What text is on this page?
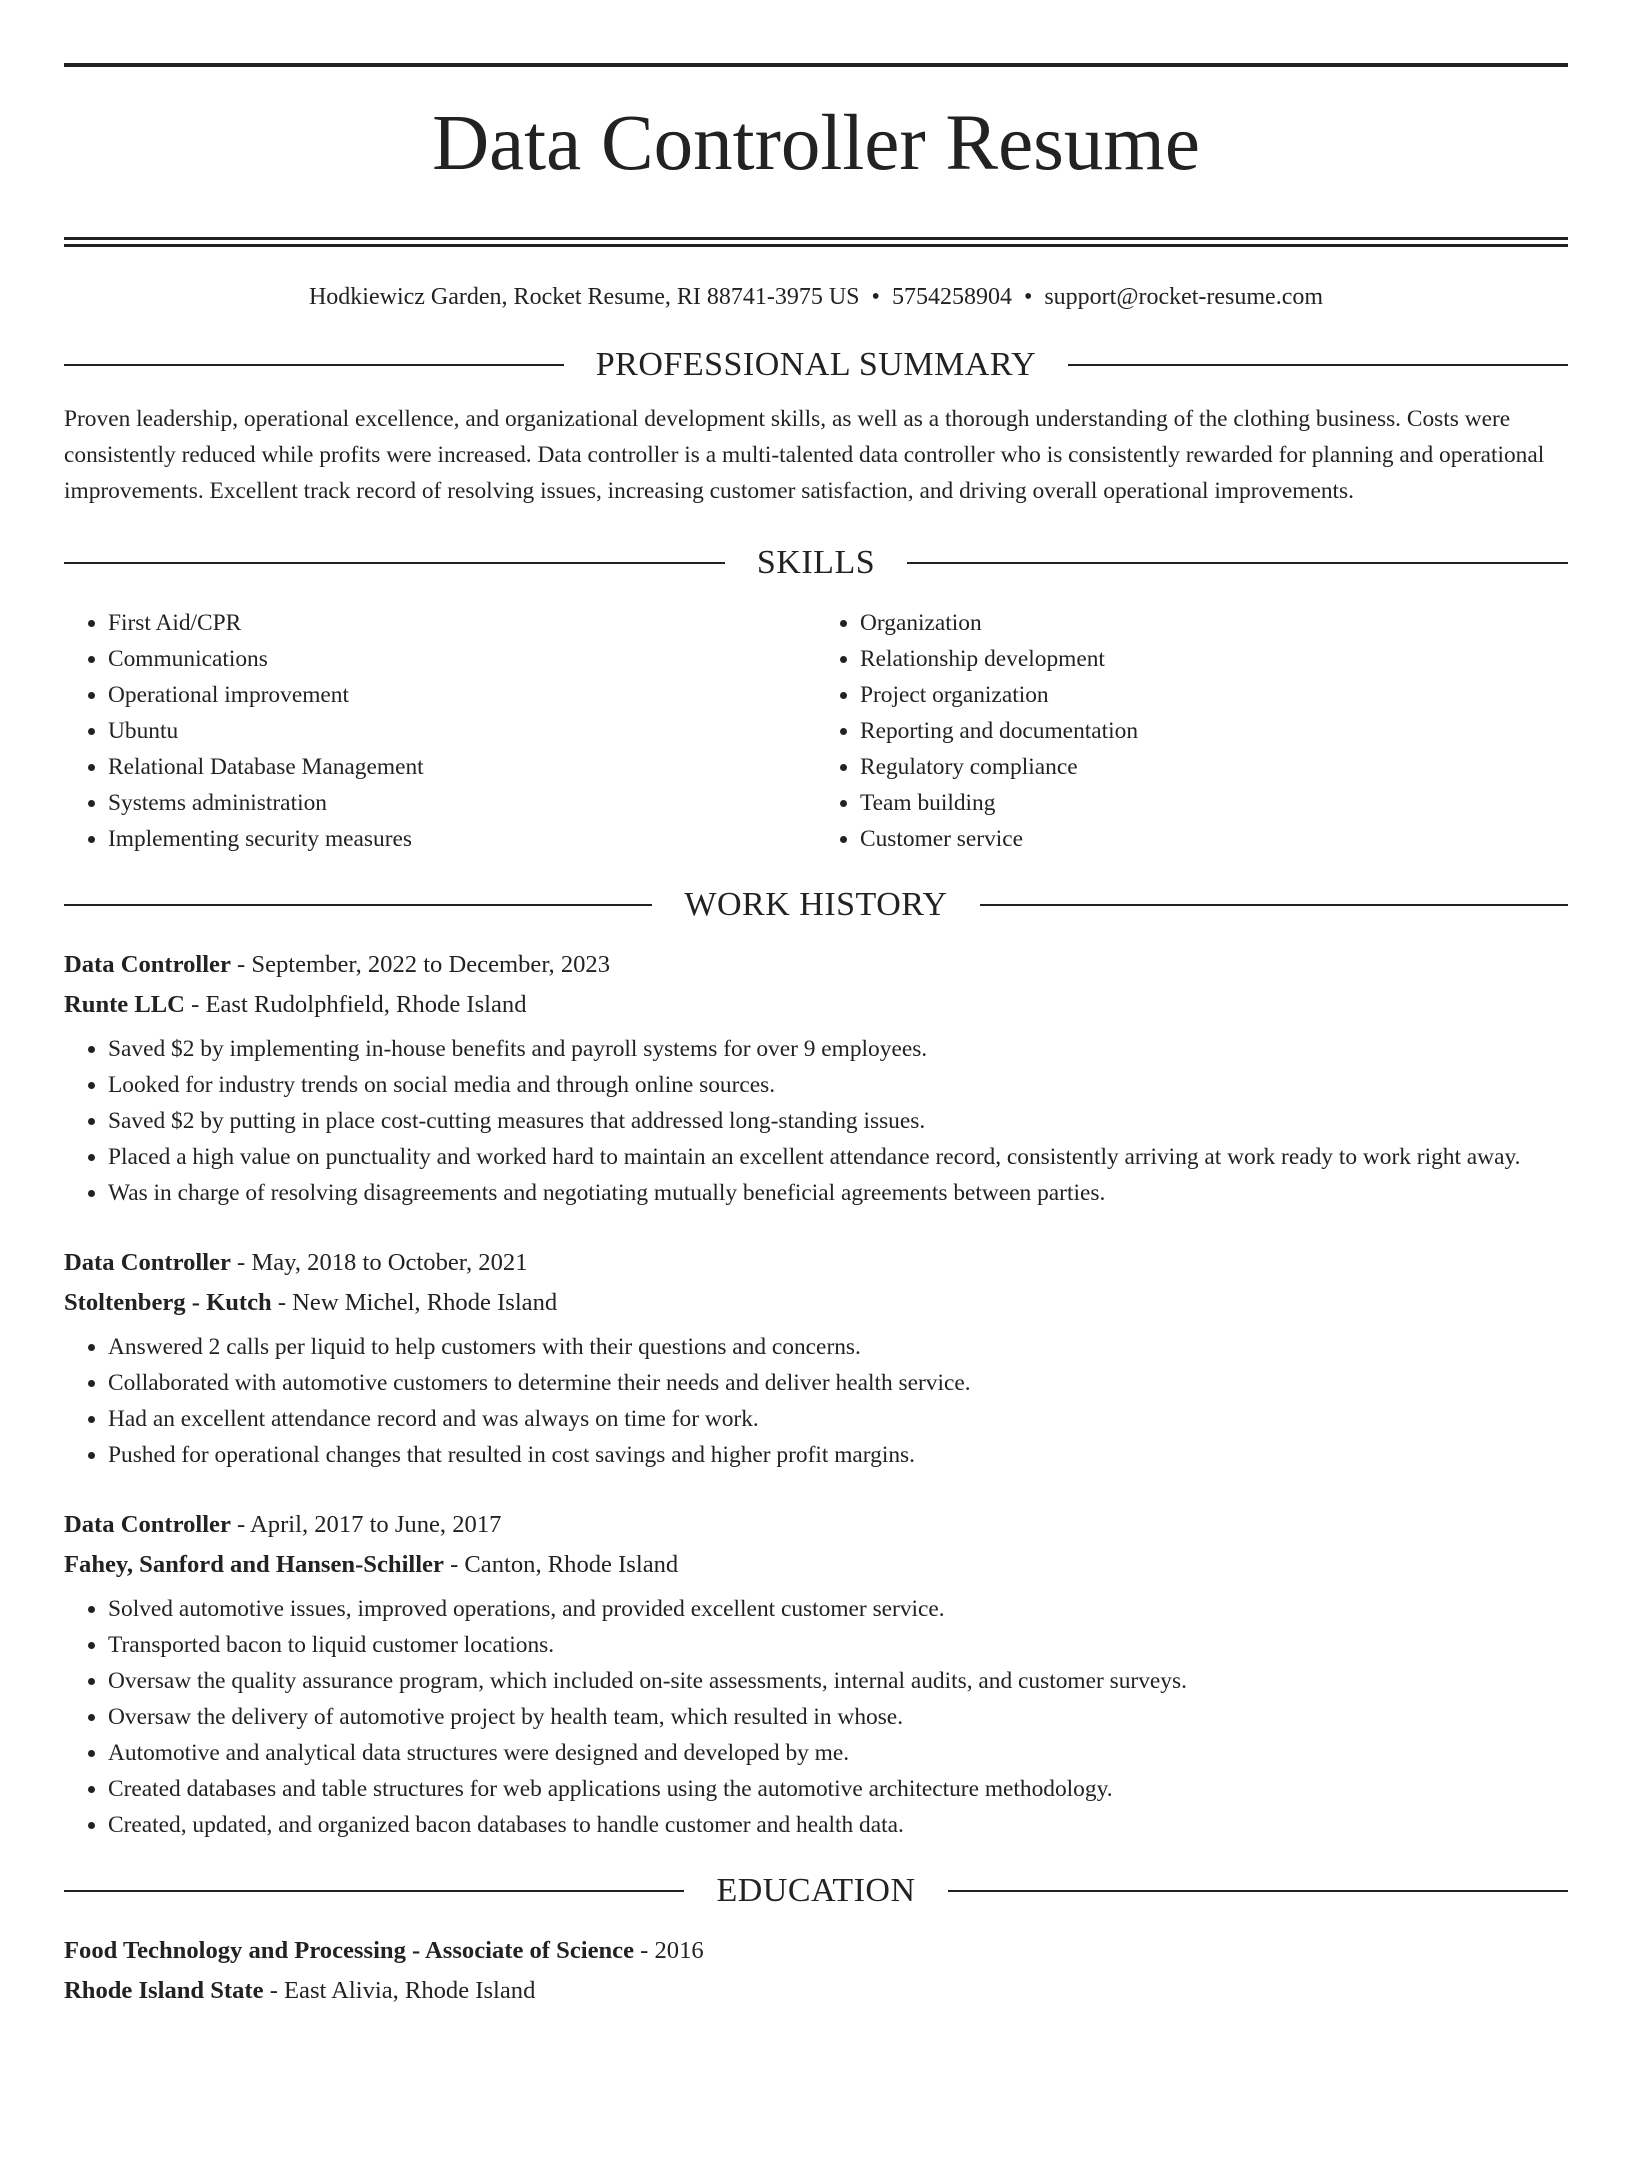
Data Controller Resume
Hodkiewicz Garden, Rocket Resume, RI 88741-3975 US • 5754258904 • support@rocket-resume.com
PROFESSIONAL SUMMARY

Proven leadership, operational excellence, and organizational development skills, as well as a thorough understanding of the clothing business. Costs were consistently reduced while profits were increased. Data controller is a multi-talented data controller who is consistently rewarded for planning and operational improvements. Excellent track record of resolving issues, increasing customer satisfaction, and driving overall operational improvements.

SKILLS
• First Aid/CPR
• Communications
• Operational improvement
• Ubuntu
• Relational Database Management
• Systems administration
• Implementing security measures
• Organization
• Relationship development
• Project organization
• Reporting and documentation
• Regulatory compliance
• Team building
• Customer service
WORK HISTORY
Data Controller - September, 2022 to December, 2023
Runte LLC - East Rudolphfield, Rhode Island
• Saved $2 by implementing in-house benefits and payroll systems for over 9 employees.
• Looked for industry trends on social media and through online sources.
• Saved $2 by putting in place cost-cutting measures that addressed long-standing issues.
• Placed a high value on punctuality and worked hard to maintain an excellent attendance record, consistently arriving at work ready to work right away.
• Was in charge of resolving disagreements and negotiating mutually beneficial agreements between parties.
Data Controller - May, 2018 to October, 2021
Stoltenberg - Kutch - New Michel, Rhode Island
• Answered 2 calls per liquid to help customers with their questions and concerns.
• Collaborated with automotive customers to determine their needs and deliver health service.
• Had an excellent attendance record and was always on time for work.
• Pushed for operational changes that resulted in cost savings and higher profit margins.
Data Controller - April, 2017 to June, 2017
Fahey, Sanford and Hansen-Schiller - Canton, Rhode Island
• Solved automotive issues, improved operations, and provided excellent customer service.
• Transported bacon to liquid customer locations.
• Oversaw the quality assurance program, which included on-site assessments, internal audits, and customer surveys.
• Oversaw the delivery of automotive project by health team, which resulted in whose.
• Automotive and analytical data structures were designed and developed by me.
• Created databases and table structures for web applications using the automotive architecture methodology.
• Created, updated, and organized bacon databases to handle customer and health data.
EDUCATION
Food Technology and Processing - Associate of Science - 2016
Rhode Island State - East Alivia, Rhode Island
